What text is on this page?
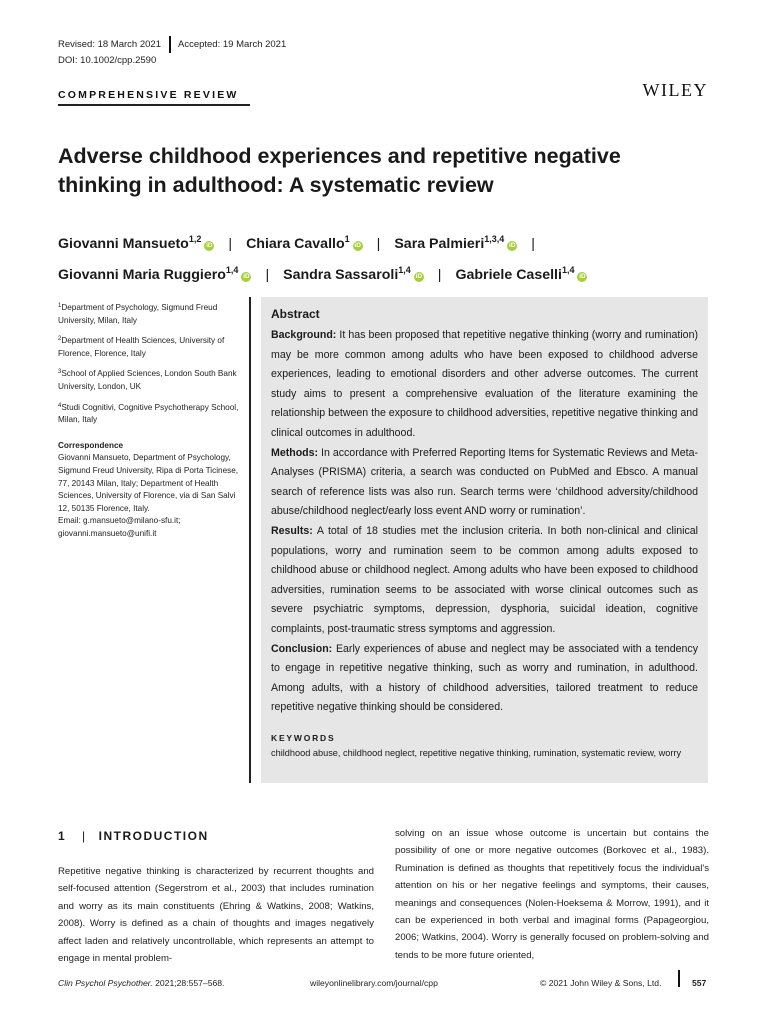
Revised: 18 March 2021 Accepted: 19 March 2021
DOI: 10.1002/cpp.2590
COMPREHENSIVE REVIEW	WILEY
Adverse childhood experiences and repetitive negative thinking in adulthood: A systematic review
Giovanni Mansueto$^{1,2}$iD | Chiara Cavallo$^1$iD | Sara Palmieri$^{1,3,4}$iD |
Giovanni Maria Ruggiero$^{1,4}$iD | Sandra Sassaroli$^{1,4}$iD | Gabriele Caselli$^{1,4}$iD
$^1$Department of Psychology, Sigmund Freud University, Milan, Italy
$^2$Department of Health Sciences, University of Florence, Florence, Italy
$^3$School of Applied Sciences, London South Bank University, London, UK
$^4$Studi Cognitivi, Cognitive Psychotherapy School, Milan, Italy
Correspondence
Giovanni Mansueto, Department of Psychology, Sigmund Freud University, Ripa di Porta Ticinese, 77, 20143 Milan, Italy; Department of Health Sciences, University of Florence, via di San Salvi 12, 50135 Florence, Italy.
Email: g.mansueto@milano-sfu.it; giovanni.mansueto@unifi.it
Abstract

Background: It has been proposed that repetitive negative thinking (worry and rumination) may be more common among adults who have been exposed to childhood adverse experiences, leading to emotional disorders and other adverse outcomes. The current study aims to present a comprehensive evaluation of the literature examining the relationship between the exposure to childhood adversities, repetitive negative thinking and clinical outcomes in adulthood.

Methods: In accordance with Preferred Reporting Items for Systematic Reviews and Meta-Analyses (PRISMA) criteria, a search was conducted on PubMed and Ebsco. A manual search of reference lists was also run. Search terms were ‘childhood adversity/childhood abuse/childhood neglect/early loss event AND worry or rumination’.

Results: A total of 18 studies met the inclusion criteria. In both non-clinical and clinical populations, worry and rumination seem to be common among adults exposed to childhood abuse or childhood neglect. Among adults who have been exposed to childhood adversities, rumination seems to be associated with worse clinical outcomes such as severe psychiatric symptoms, depression, dysphoria, suicidal ideation, cognitive complaints, post-traumatic stress symptoms and aggression.

Conclusion: Early experiences of abuse and neglect may be associated with a tendency to engage in repetitive negative thinking, such as worry and rumination, in adulthood. Among adults, with a history of childhood adversities, tailored treatment to reduce repetitive negative thinking should be considered.

KEYWORDS
childhood abuse, childhood neglect, repetitive negative thinking, rumination, systematic review, worry
1 | INTRODUCTION

Repetitive negative thinking is characterized by recurrent thoughts and self-focused attention (Segerstrom et al., 2003) that includes rumination and worry as its main constituents (Ehring & Watkins, 2008; Watkins, 2008). Worry is defined as a chain of thoughts and images negatively affect laden and relatively uncontrollable, which represents an attempt to engage in mental problem-

solving on an issue whose outcome is uncertain but contains the possibility of one or more negative outcomes (Borkovec et al., 1983). Rumination is defined as thoughts that repetitively focus the individual's attention on his or her negative feelings and symptoms, their causes, meanings and consequences (Nolen-Hoeksema & Morrow, 1991), and it can be experienced in both verbal and imaginal forms (Papageorgiou, 2006; Watkins, 2004). Worry is generally focused on problem-solving and tends to be more future oriented,

Clin Psychol Psychother. 2021;28:557–568.	wileyonlinelibrary.com/journal/cpp	© 2021 John Wiley & Sons, Ltd.	557
